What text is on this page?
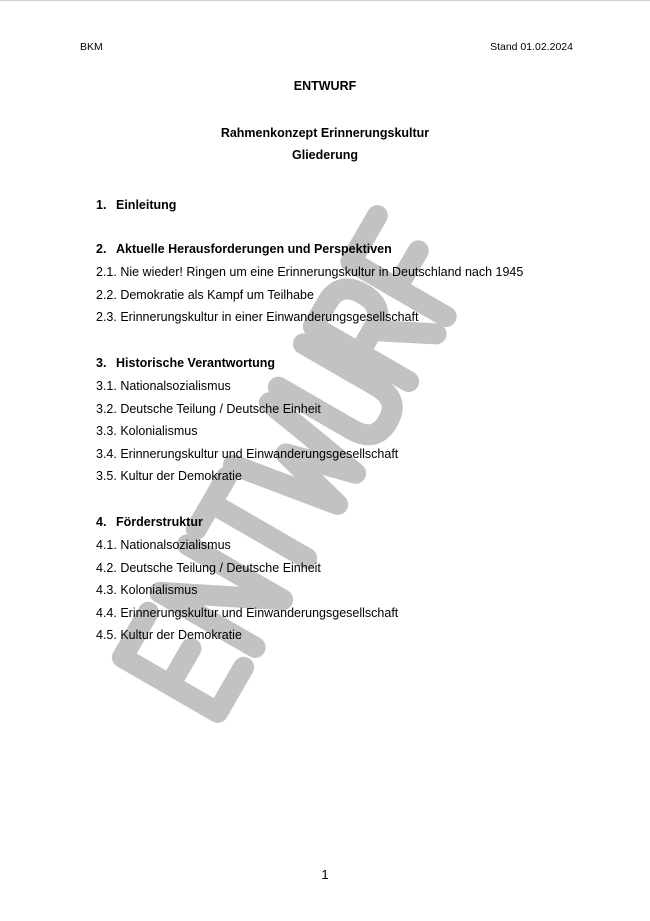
BKM	Stand 01.02.2024
ENTWURF
Rahmenkonzept Erinnerungskultur
Gliederung
1. Einleitung
2. Aktuelle Herausforderungen und Perspektiven
2.1. Nie wieder! Ringen um eine Erinnerungskultur in Deutschland nach 1945
2.2. Demokratie als Kampf um Teilhabe
2.3. Erinnerungskultur in einer Einwanderungsgesellschaft
3. Historische Verantwortung
3.1. Nationalsozialismus
3.2. Deutsche Teilung / Deutsche Einheit
3.3. Kolonialismus
3.4. Erinnerungskultur und Einwanderungsgesellschaft
3.5. Kultur der Demokratie
4. Förderstruktur
4.1. Nationalsozialismus
4.2. Deutsche Teilung / Deutsche Einheit
4.3. Kolonialismus
4.4. Erinnerungskultur und Einwanderungsgesellschaft
4.5. Kultur der Demokratie
1
